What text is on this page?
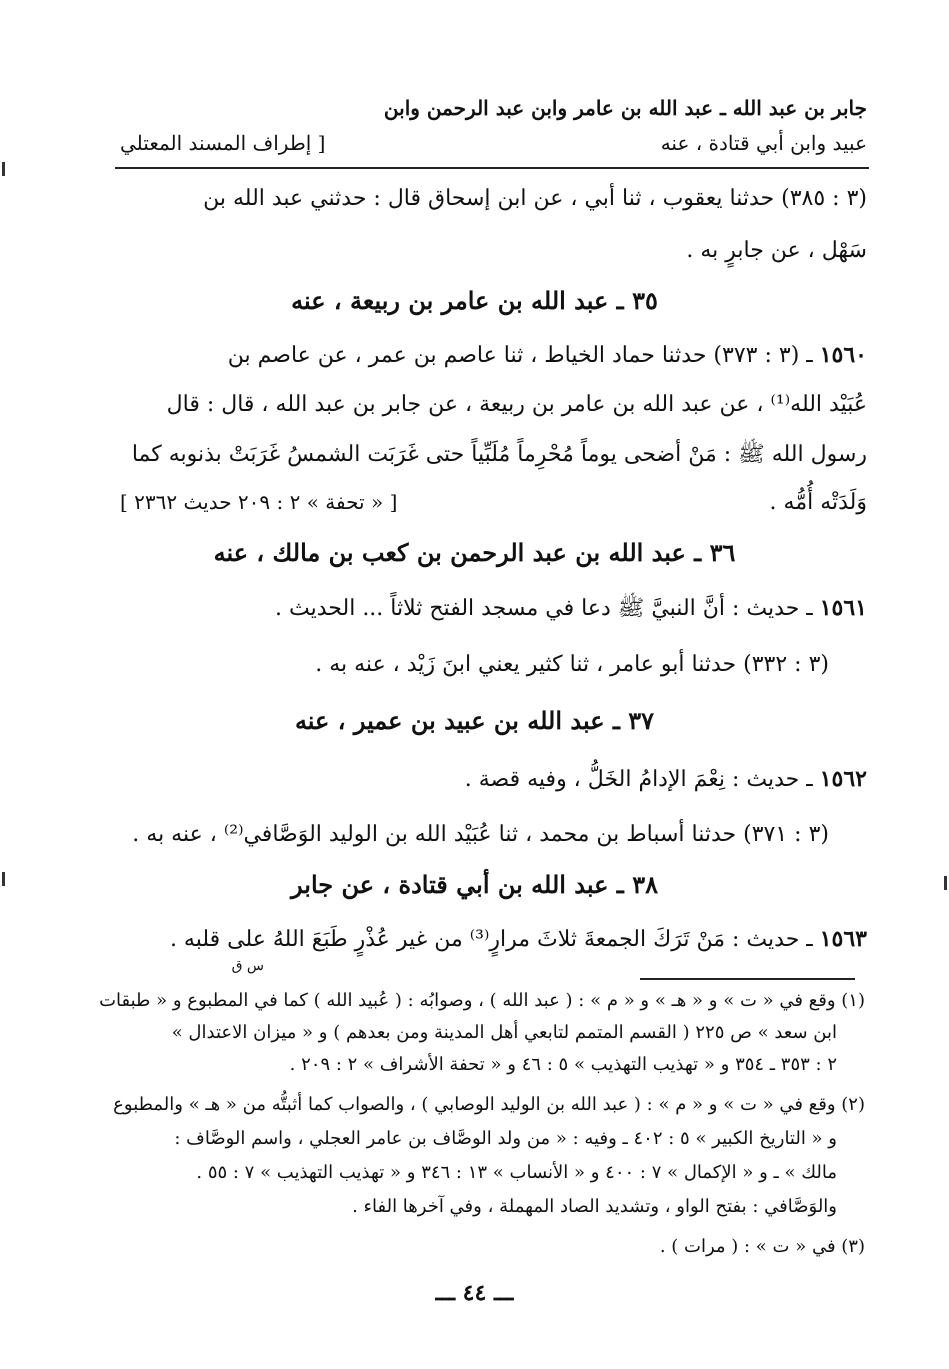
جابر بن عبد الله ـ عبد الله بن عامر وابن عبد الرحمن وابن
عبيد وابن أبي قتادة ، عنه
[ إطراف المسند المعتلي
(٣ : ٣٨٥) حدثنا يعقوب ، ثنا أبي ، عن ابن إسحاق قال : حدثني عبد الله بن
سَهْل ، عن جابرٍ به .
٣٥ ـ عبد الله بن عامر بن ربيعة ، عنه
١٥٦٠ ـ (٣ : ٣٧٣) حدثنا حماد الخياط ، ثنا عاصم بن عمر ، عن عاصم بن
عُبَيْد الله⁽¹⁾ ، عن عبد الله بن عامر بن ربيعة ، عن جابر بن عبد الله ، قال : قال
رسول الله ﷺ : مَنْ أضحى يوماً مُحْرِماً مُلَبِّياً حتى غَرَبَت الشمسُ غَرَبَتْ بذنوبه كما
وَلَدَتْه أُمُّه .
[ « تحفة » ٢ : ٢٠٩ حديث ٢٣٦٢ ]
٣٦ ـ عبد الله بن عبد الرحمن بن كعب بن مالك ، عنه
١٥٦١ ـ حديث : أنَّ النبيَّ ﷺ دعا في مسجد الفتح ثلاثاً ... الحديث .
(٣ : ٣٣٢) حدثنا أبو عامر ، ثنا كثير يعني ابنَ زَيْد ، عنه به .
٣٧ ـ عبد الله بن عبيد بن عمير ، عنه
١٥٦٢ ـ حديث : نِعْمَ الإدامُ الخَلُّ ، وفيه قصة .
(٣ : ٣٧١) حدثنا أسباط بن محمد ، ثنا عُبَيْد الله بن الوليد الوَصَّافي⁽²⁾ ، عنه به .
٣٨ ـ عبد الله بن أبي قتادة ، عن جابر
١٥٦٣ ـ حديث : مَنْ تَرَكَ الجمعةَ ثلاثَ مرارٍ⁽³⁾ من غير عُذْرٍ طَبَعَ اللهُ على قلبه .
س ق
(١) وقع في « ت » و « هـ » و « م » : ( عبد الله ) ، وصوابُه : ( عُبيد الله ) كما في المطبوع و « طبقات
ابن سعد » ص ٢٢٥ ( القسم المتمم لتابعي أهل المدينة ومن بعدهم ) و « ميزان الاعتدال »
٢ : ٣٥٣ ـ ٣٥٤ و « تهذيب التهذيب » ٥ : ٤٦ و « تحفة الأشراف » ٢ : ٢٠٩ .
(٢) وقع في « ت » و « م » : ( عبد الله بن الوليد الوصابي ) ، والصواب كما أثبتُّه من « هـ » والمطبوع
و « التاريخ الكبير » ٥ : ٤٠٢ ـ وفيه : « من ولد الوصَّاف بن عامر العجلي ، واسم الوصَّاف :
مالك » ـ و « الإكمال » ٧ : ٤٠٠ و « الأنساب » ١٣ : ٣٤٦ و « تهذيب التهذيب » ٧ : ٥٥ .
والوَصَّافي : بفتح الواو ، وتشديد الصاد المهملة ، وفي آخرها الفاء .
(٣) في « ت » : ( مرات ) .
ـــ ٤٤ ـــ
